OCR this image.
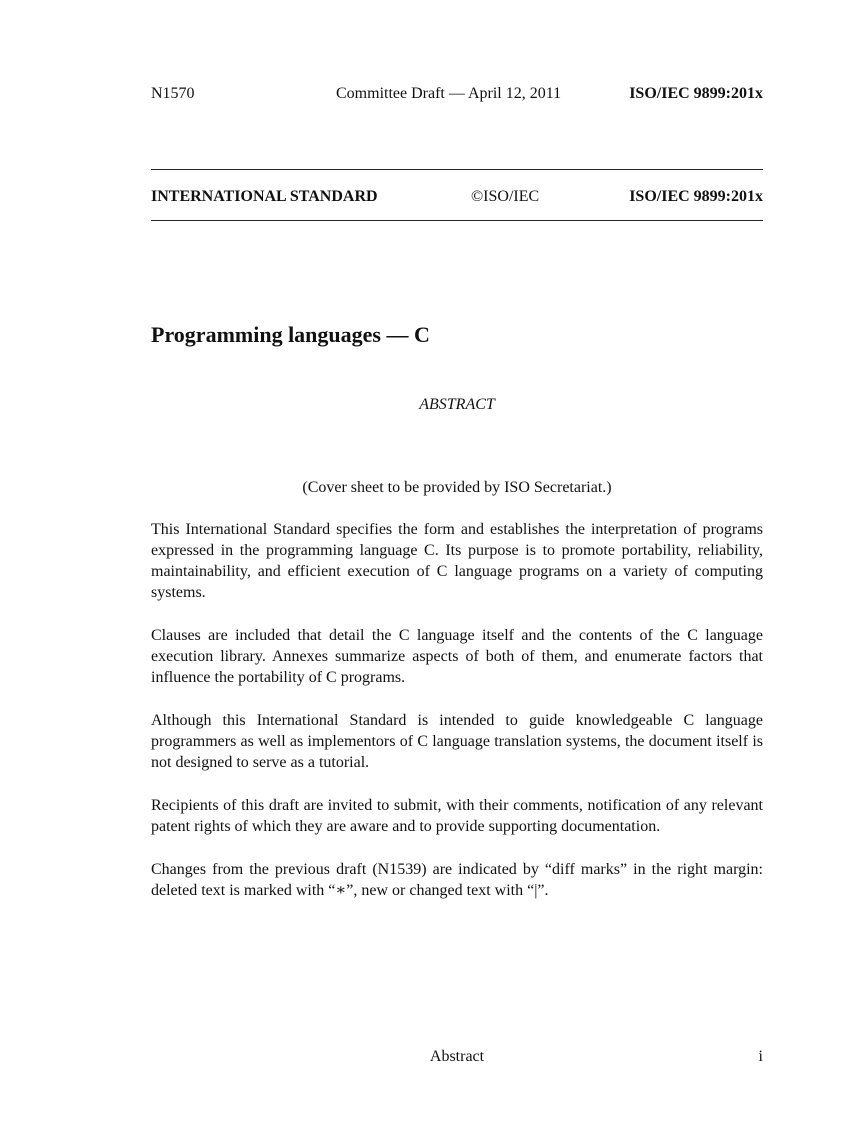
N1570	Committee Draft — April 12, 2011	ISO/IEC 9899:201x
INTERNATIONAL STANDARD	©ISO/IEC	ISO/IEC 9899:201x
Programming languages — C
ABSTRACT
(Cover sheet to be provided by ISO Secretariat.)

This International Standard specifies the form and establishes the interpretation of programs expressed in the programming language C. Its purpose is to promote portability, reliability, maintainability, and efficient execution of C language programs on a variety of computing systems.

Clauses are included that detail the C language itself and the contents of the C language execution library. Annexes summarize aspects of both of them, and enumerate factors that influence the portability of C programs.

Although this International Standard is intended to guide knowledgeable C language programmers as well as implementors of C language translation systems, the document itself is not designed to serve as a tutorial.

Recipients of this draft are invited to submit, with their comments, notification of any relevant patent rights of which they are aware and to provide supporting documentation.

Changes from the previous draft (N1539) are indicated by “diff marks” in the right margin: deleted text is marked with “∗”, new or changed text with “|”.

Abstract	i
